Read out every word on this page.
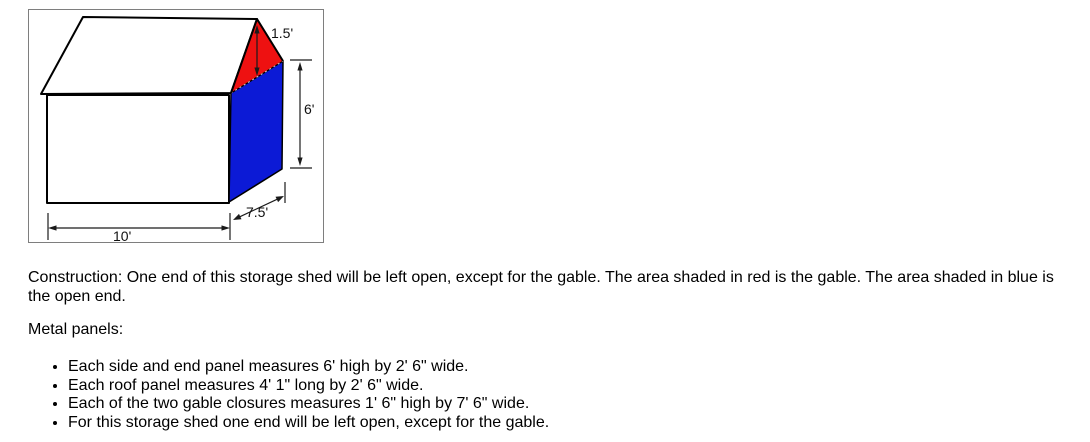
1.5'
6'
7.5'
10'

Construction: One end of this storage shed will be left open, except for the gable. The area shaded in red is the gable. The area shaded in blue is the open end.

Metal panels:

• Each side and end panel measures 6' high by 2' 6" wide.
• Each roof panel measures 4' 1" long by 2' 6" wide.
• Each of the two gable closures measures 1' 6" high by 7' 6" wide.
• For this storage shed one end will be left open, except for the gable.
